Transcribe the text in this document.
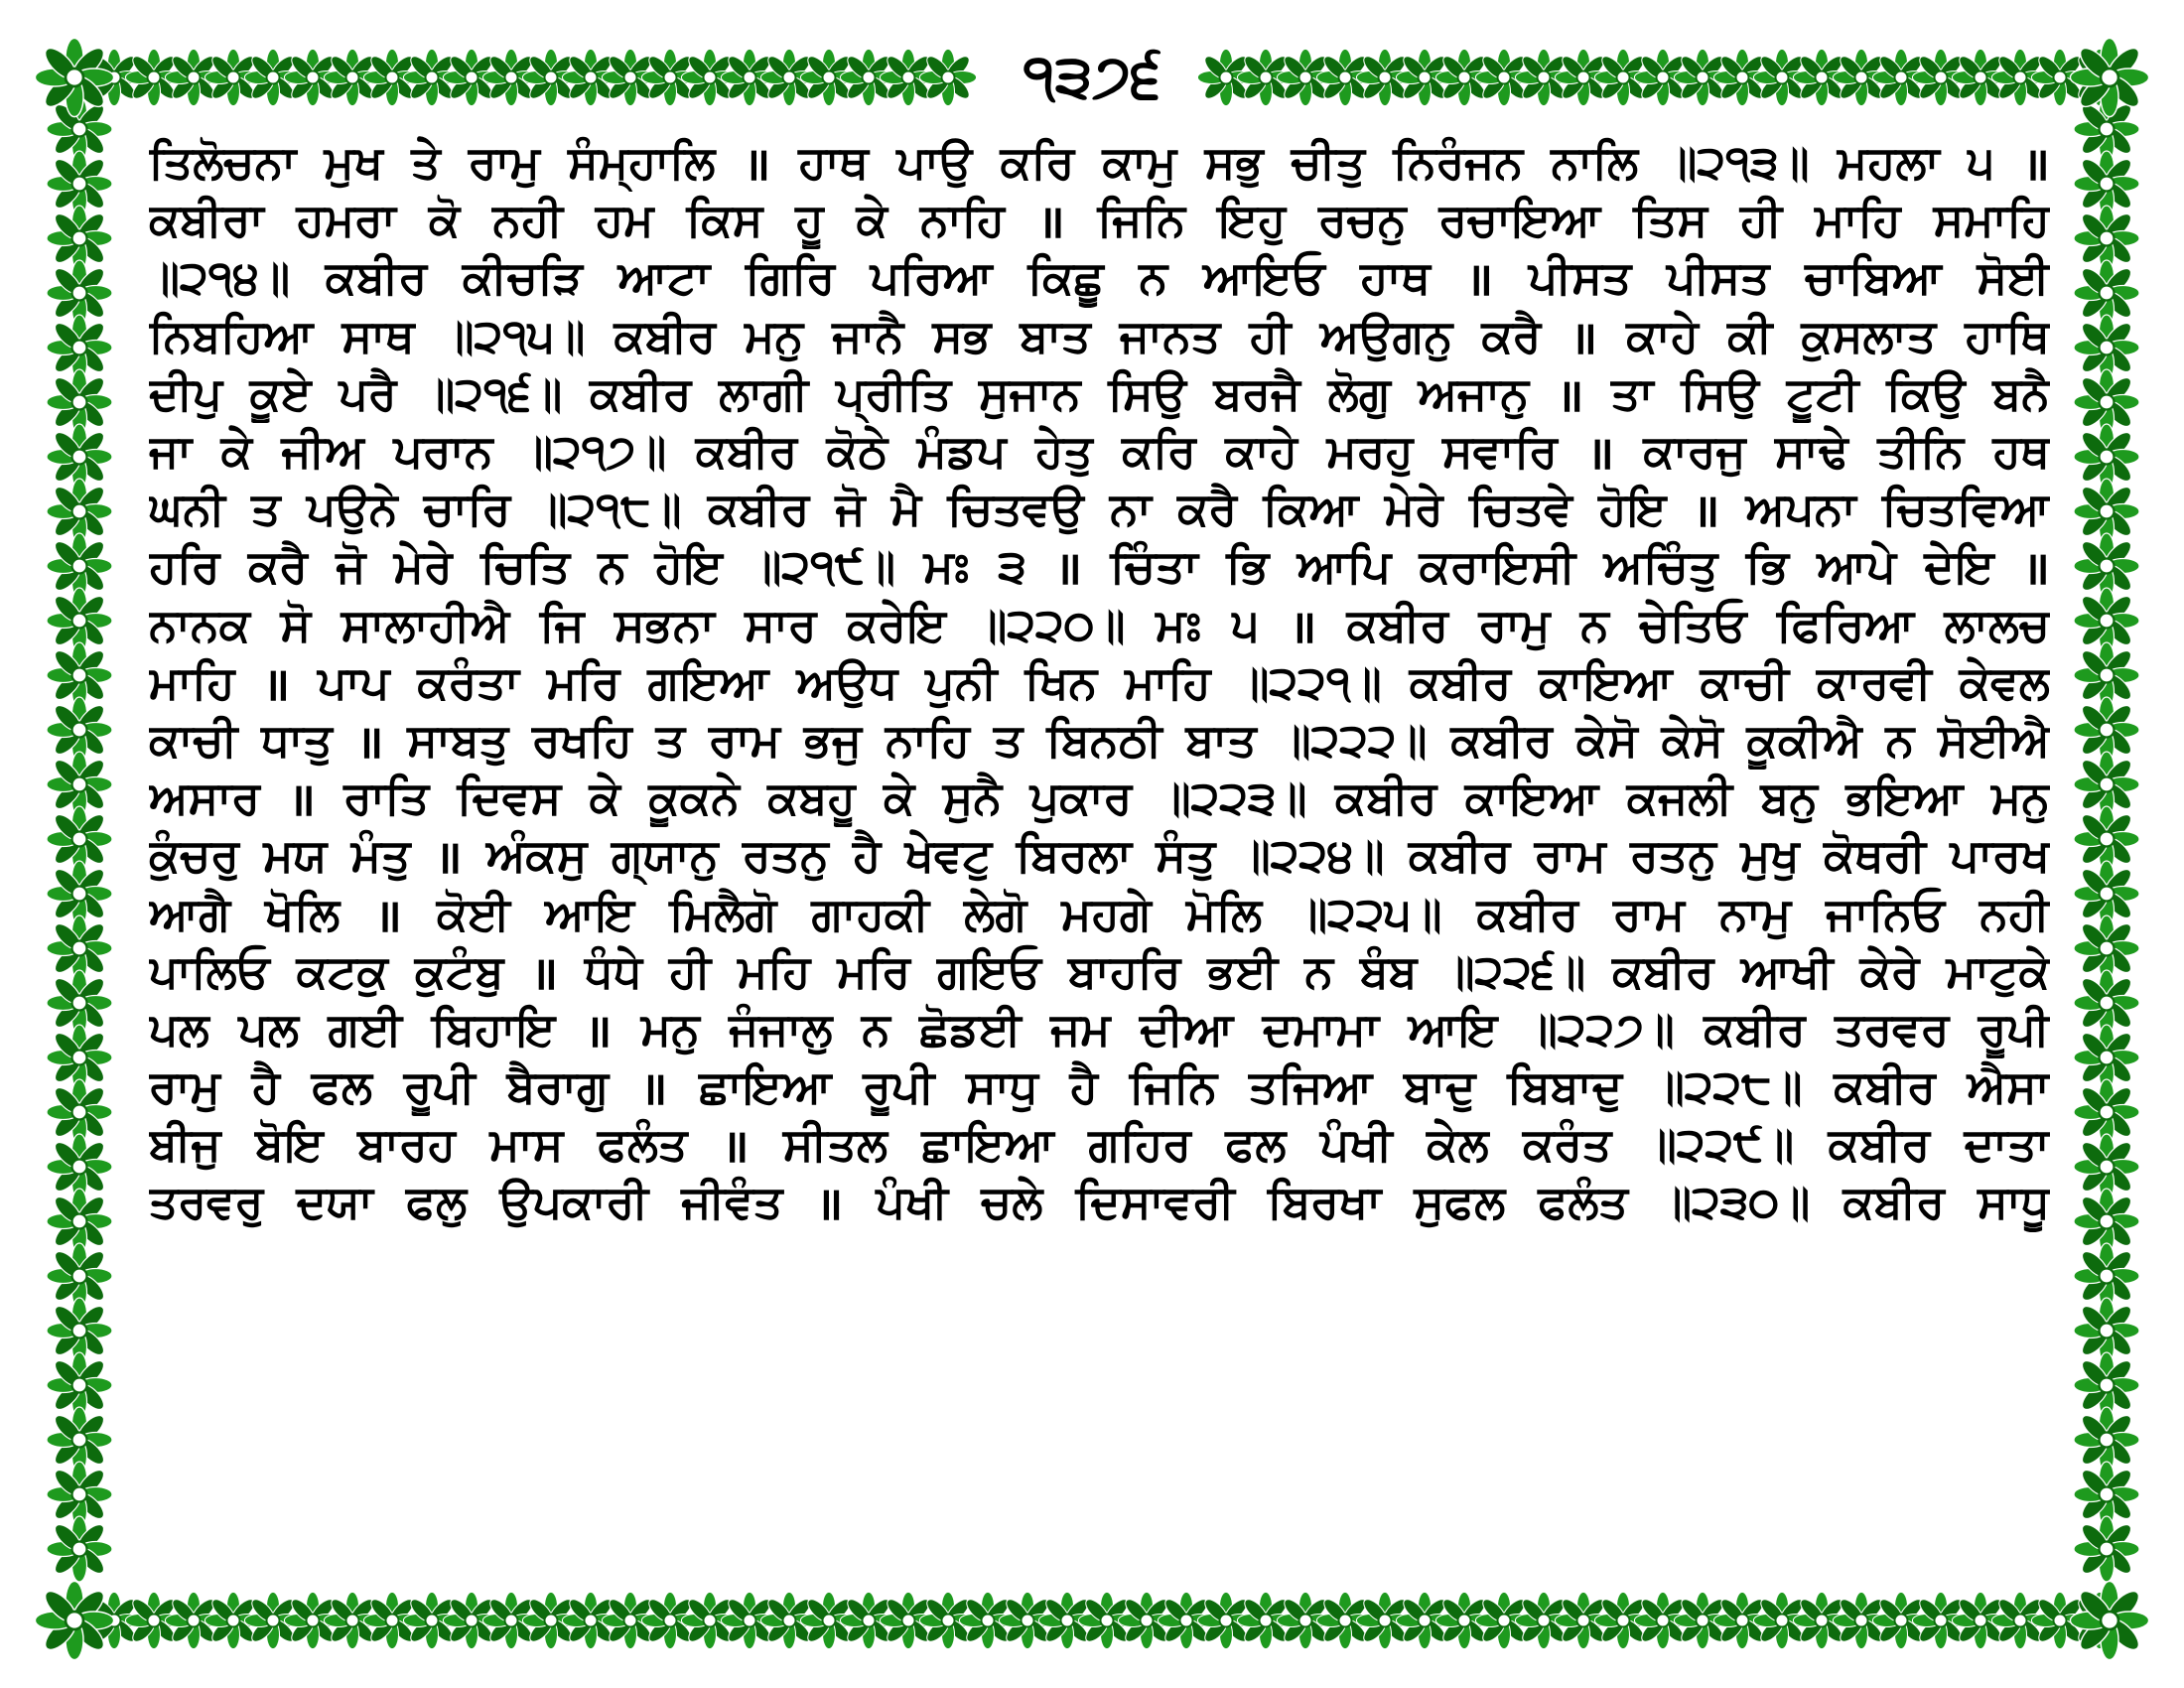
੧੩੭੬
ਤਿਲੋਚਨਾ ਮੁਖ ਤੇ ਰਾਮੁ ਸੰਮ੍ਹਾਲਿ ॥ ਹਾਥ ਪਾਉ ਕਰਿ ਕਾਮੁ ਸਭੁ ਚੀਤੁ ਨਿਰੰਜਨ ਨਾਲਿ ॥੨੧੩॥ ਮਹਲਾ ੫ ॥
ਕਬੀਰਾ ਹਮਰਾ ਕੋ ਨਹੀ ਹਮ ਕਿਸ ਹੂ ਕੇ ਨਾਹਿ ॥ ਜਿਨਿ ਇਹੁ ਰਚਨੁ ਰਚਾਇਆ ਤਿਸ ਹੀ ਮਾਹਿ ਸਮਾਹਿ
॥੨੧੪॥ ਕਬੀਰ ਕੀਚੜਿ ਆਟਾ ਗਿਰਿ ਪਰਿਆ ਕਿਛੂ ਨ ਆਇਓ ਹਾਥ ॥ ਪੀਸਤ ਪੀਸਤ ਚਾਬਿਆ ਸੋਈ
ਨਿਬਹਿਆ ਸਾਥ ॥੨੧੫॥ ਕਬੀਰ ਮਨੁ ਜਾਨੈ ਸਭ ਬਾਤ ਜਾਨਤ ਹੀ ਅਉਗਨੁ ਕਰੈ ॥ ਕਾਹੇ ਕੀ ਕੁਸਲਾਤ ਹਾਥਿ
ਦੀਪੁ ਕੂਏ ਪਰੈ ॥੨੧੬॥ ਕਬੀਰ ਲਾਗੀ ਪ੍ਰੀਤਿ ਸੁਜਾਨ ਸਿਉ ਬਰਜੈ ਲੋਗੁ ਅਜਾਨੁ ॥ ਤਾ ਸਿਉ ਟੂਟੀ ਕਿਉ ਬਨੈ
ਜਾ ਕੇ ਜੀਅ ਪਰਾਨ ॥੨੧੭॥ ਕਬੀਰ ਕੋਠੇ ਮੰਡਪ ਹੇਤੁ ਕਰਿ ਕਾਹੇ ਮਰਹੁ ਸਵਾਰਿ ॥ ਕਾਰਜੁ ਸਾਢੇ ਤੀਨਿ ਹਥ
ਘਨੀ ਤ ਪਉਨੇ ਚਾਰਿ ॥੨੧੮॥ ਕਬੀਰ ਜੋ ਮੈ ਚਿਤਵਉ ਨਾ ਕਰੈ ਕਿਆ ਮੇਰੇ ਚਿਤਵੇ ਹੋਇ ॥ ਅਪਨਾ ਚਿਤਵਿਆ
ਹਰਿ ਕਰੈ ਜੋ ਮੇਰੇ ਚਿਤਿ ਨ ਹੋਇ ॥੨੧੯॥ ਮਃ ੩ ॥ ਚਿੰਤਾ ਭਿ ਆਪਿ ਕਰਾਇਸੀ ਅਚਿੰਤੁ ਭਿ ਆਪੇ ਦੇਇ ॥
ਨਾਨਕ ਸੋ ਸਾਲਾਹੀਐ ਜਿ ਸਭਨਾ ਸਾਰ ਕਰੇਇ ॥੨੨੦॥ ਮਃ ੫ ॥ ਕਬੀਰ ਰਾਮੁ ਨ ਚੇਤਿਓ ਫਿਰਿਆ ਲਾਲਚ
ਮਾਹਿ ॥ ਪਾਪ ਕਰੰਤਾ ਮਰਿ ਗਇਆ ਅਉਧ ਪੁਨੀ ਖਿਨ ਮਾਹਿ ॥੨੨੧॥ ਕਬੀਰ ਕਾਇਆ ਕਾਚੀ ਕਾਰਵੀ ਕੇਵਲ
ਕਾਚੀ ਧਾਤੁ ॥ ਸਾਬਤੁ ਰਖਹਿ ਤ ਰਾਮ ਭਜੁ ਨਾਹਿ ਤ ਬਿਨਠੀ ਬਾਤ ॥੨੨੨॥ ਕਬੀਰ ਕੇਸੋ ਕੇਸੋ ਕੂਕੀਐ ਨ ਸੋਈਐ
ਅਸਾਰ ॥ ਰਾਤਿ ਦਿਵਸ ਕੇ ਕੂਕਨੇ ਕਬਹੂ ਕੇ ਸੁਨੈ ਪੁਕਾਰ ॥੨੨੩॥ ਕਬੀਰ ਕਾਇਆ ਕਜਲੀ ਬਨੁ ਭਇਆ ਮਨੁ
ਕੁੰਚਰੁ ਮਯ ਮੰਤੁ ॥ ਅੰਕਸੁ ਗ੍ਯਾਨੁ ਰਤਨੁ ਹੈ ਖੇਵਟੁ ਬਿਰਲਾ ਸੰਤੁ ॥੨੨੪॥ ਕਬੀਰ ਰਾਮ ਰਤਨੁ ਮੁਖੁ ਕੋਥਰੀ ਪਾਰਖ
ਆਗੈ ਖੋਲਿ ॥ ਕੋਈ ਆਇ ਮਿਲੈਗੋ ਗਾਹਕੀ ਲੇਗੋ ਮਹਗੇ ਮੋਲਿ ॥੨੨੫॥ ਕਬੀਰ ਰਾਮ ਨਾਮੁ ਜਾਨਿਓ ਨਹੀ
ਪਾਲਿਓ ਕਟਕੁ ਕੁਟੰਬੁ ॥ ਧੰਧੇ ਹੀ ਮਹਿ ਮਰਿ ਗਇਓ ਬਾਹਰਿ ਭਈ ਨ ਬੰਬ ॥੨੨੬॥ ਕਬੀਰ ਆਖੀ ਕੇਰੇ ਮਾਟੁਕੇ
ਪਲ ਪਲ ਗਈ ਬਿਹਾਇ ॥ ਮਨੁ ਜੰਜਾਲੁ ਨ ਛੋਡਈ ਜਮ ਦੀਆ ਦਮਾਮਾ ਆਇ ॥੨੨੭॥ ਕਬੀਰ ਤਰਵਰ ਰੂਪੀ
ਰਾਮੁ ਹੈ ਫਲ ਰੂਪੀ ਬੈਰਾਗੁ ॥ ਛਾਇਆ ਰੂਪੀ ਸਾਧੁ ਹੈ ਜਿਨਿ ਤਜਿਆ ਬਾਦੁ ਬਿਬਾਦੁ ॥੨੨੮॥ ਕਬੀਰ ਐਸਾ
ਬੀਜੁ ਬੋਇ ਬਾਰਹ ਮਾਸ ਫਲੰਤ ॥ ਸੀਤਲ ਛਾਇਆ ਗਹਿਰ ਫਲ ਪੰਖੀ ਕੇਲ ਕਰੰਤ ॥੨੨੯॥ ਕਬੀਰ ਦਾਤਾ
ਤਰਵਰੁ ਦਯਾ ਫਲੁ ਉਪਕਾਰੀ ਜੀਵੰਤ ॥ ਪੰਖੀ ਚਲੇ ਦਿਸਾਵਰੀ ਬਿਰਖਾ ਸੁਫਲ ਫਲੰਤ ॥੨੩੦॥ ਕਬੀਰ ਸਾਧੂ
